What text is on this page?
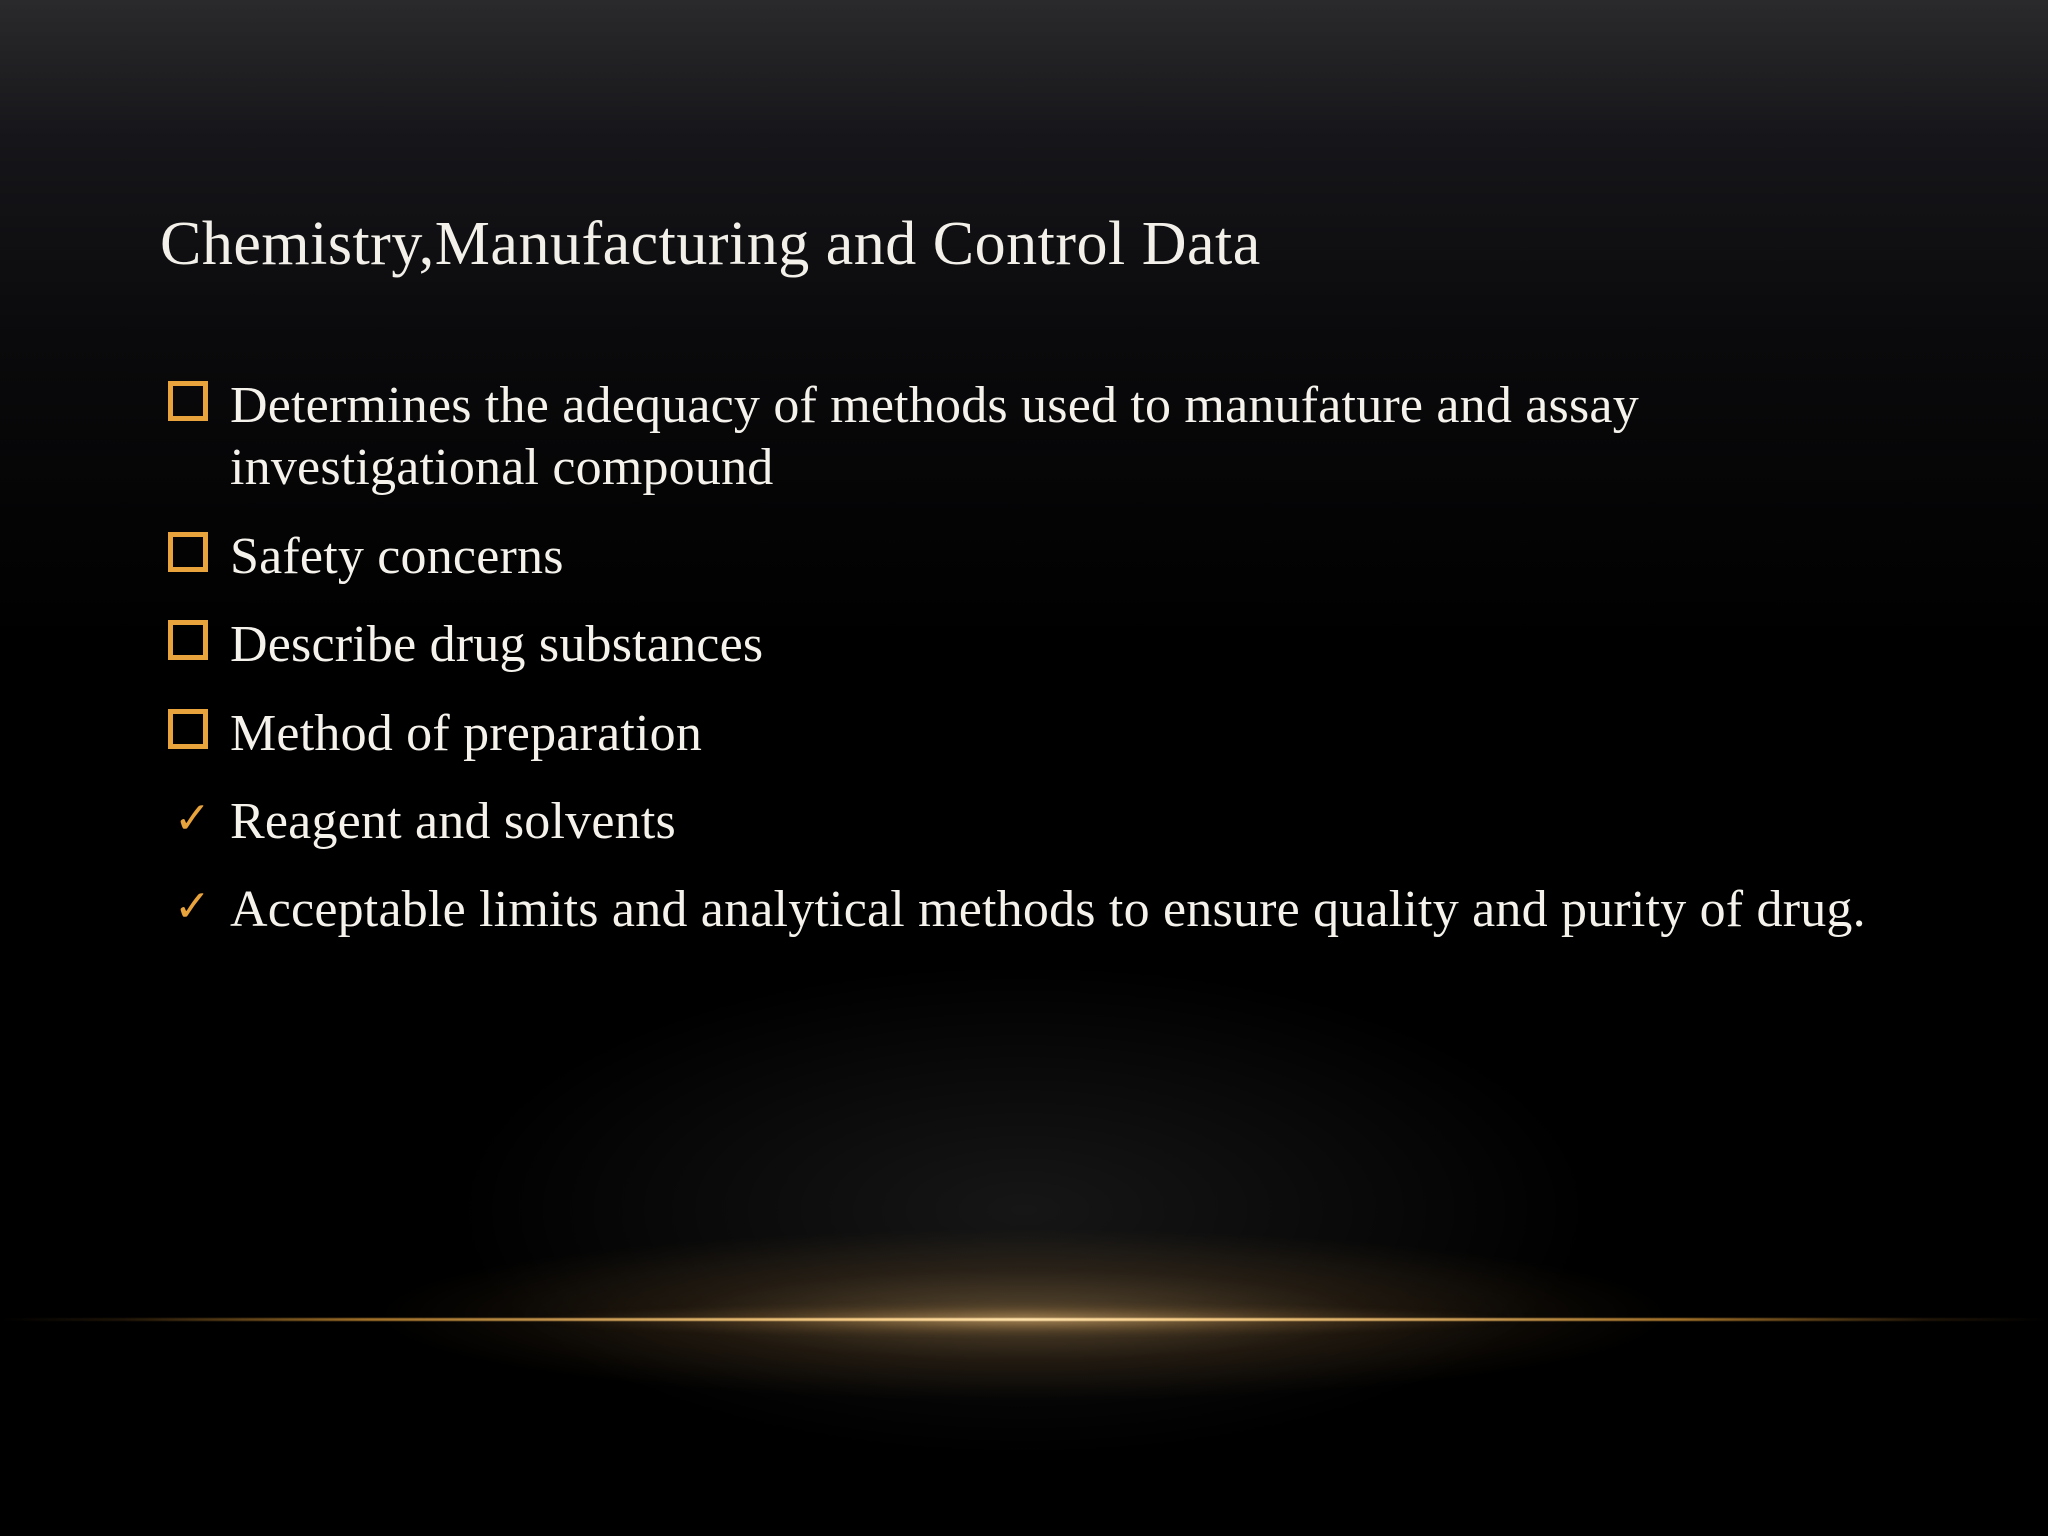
Chemistry,Manufacturing and Control Data
Determines the adequacy of methods used to manufature and assay investigational compound
Safety concerns
Describe drug substances
Method of preparation
✓ Reagent and solvents
✓ Acceptable limits and analytical methods to ensure quality and purity of drug.
